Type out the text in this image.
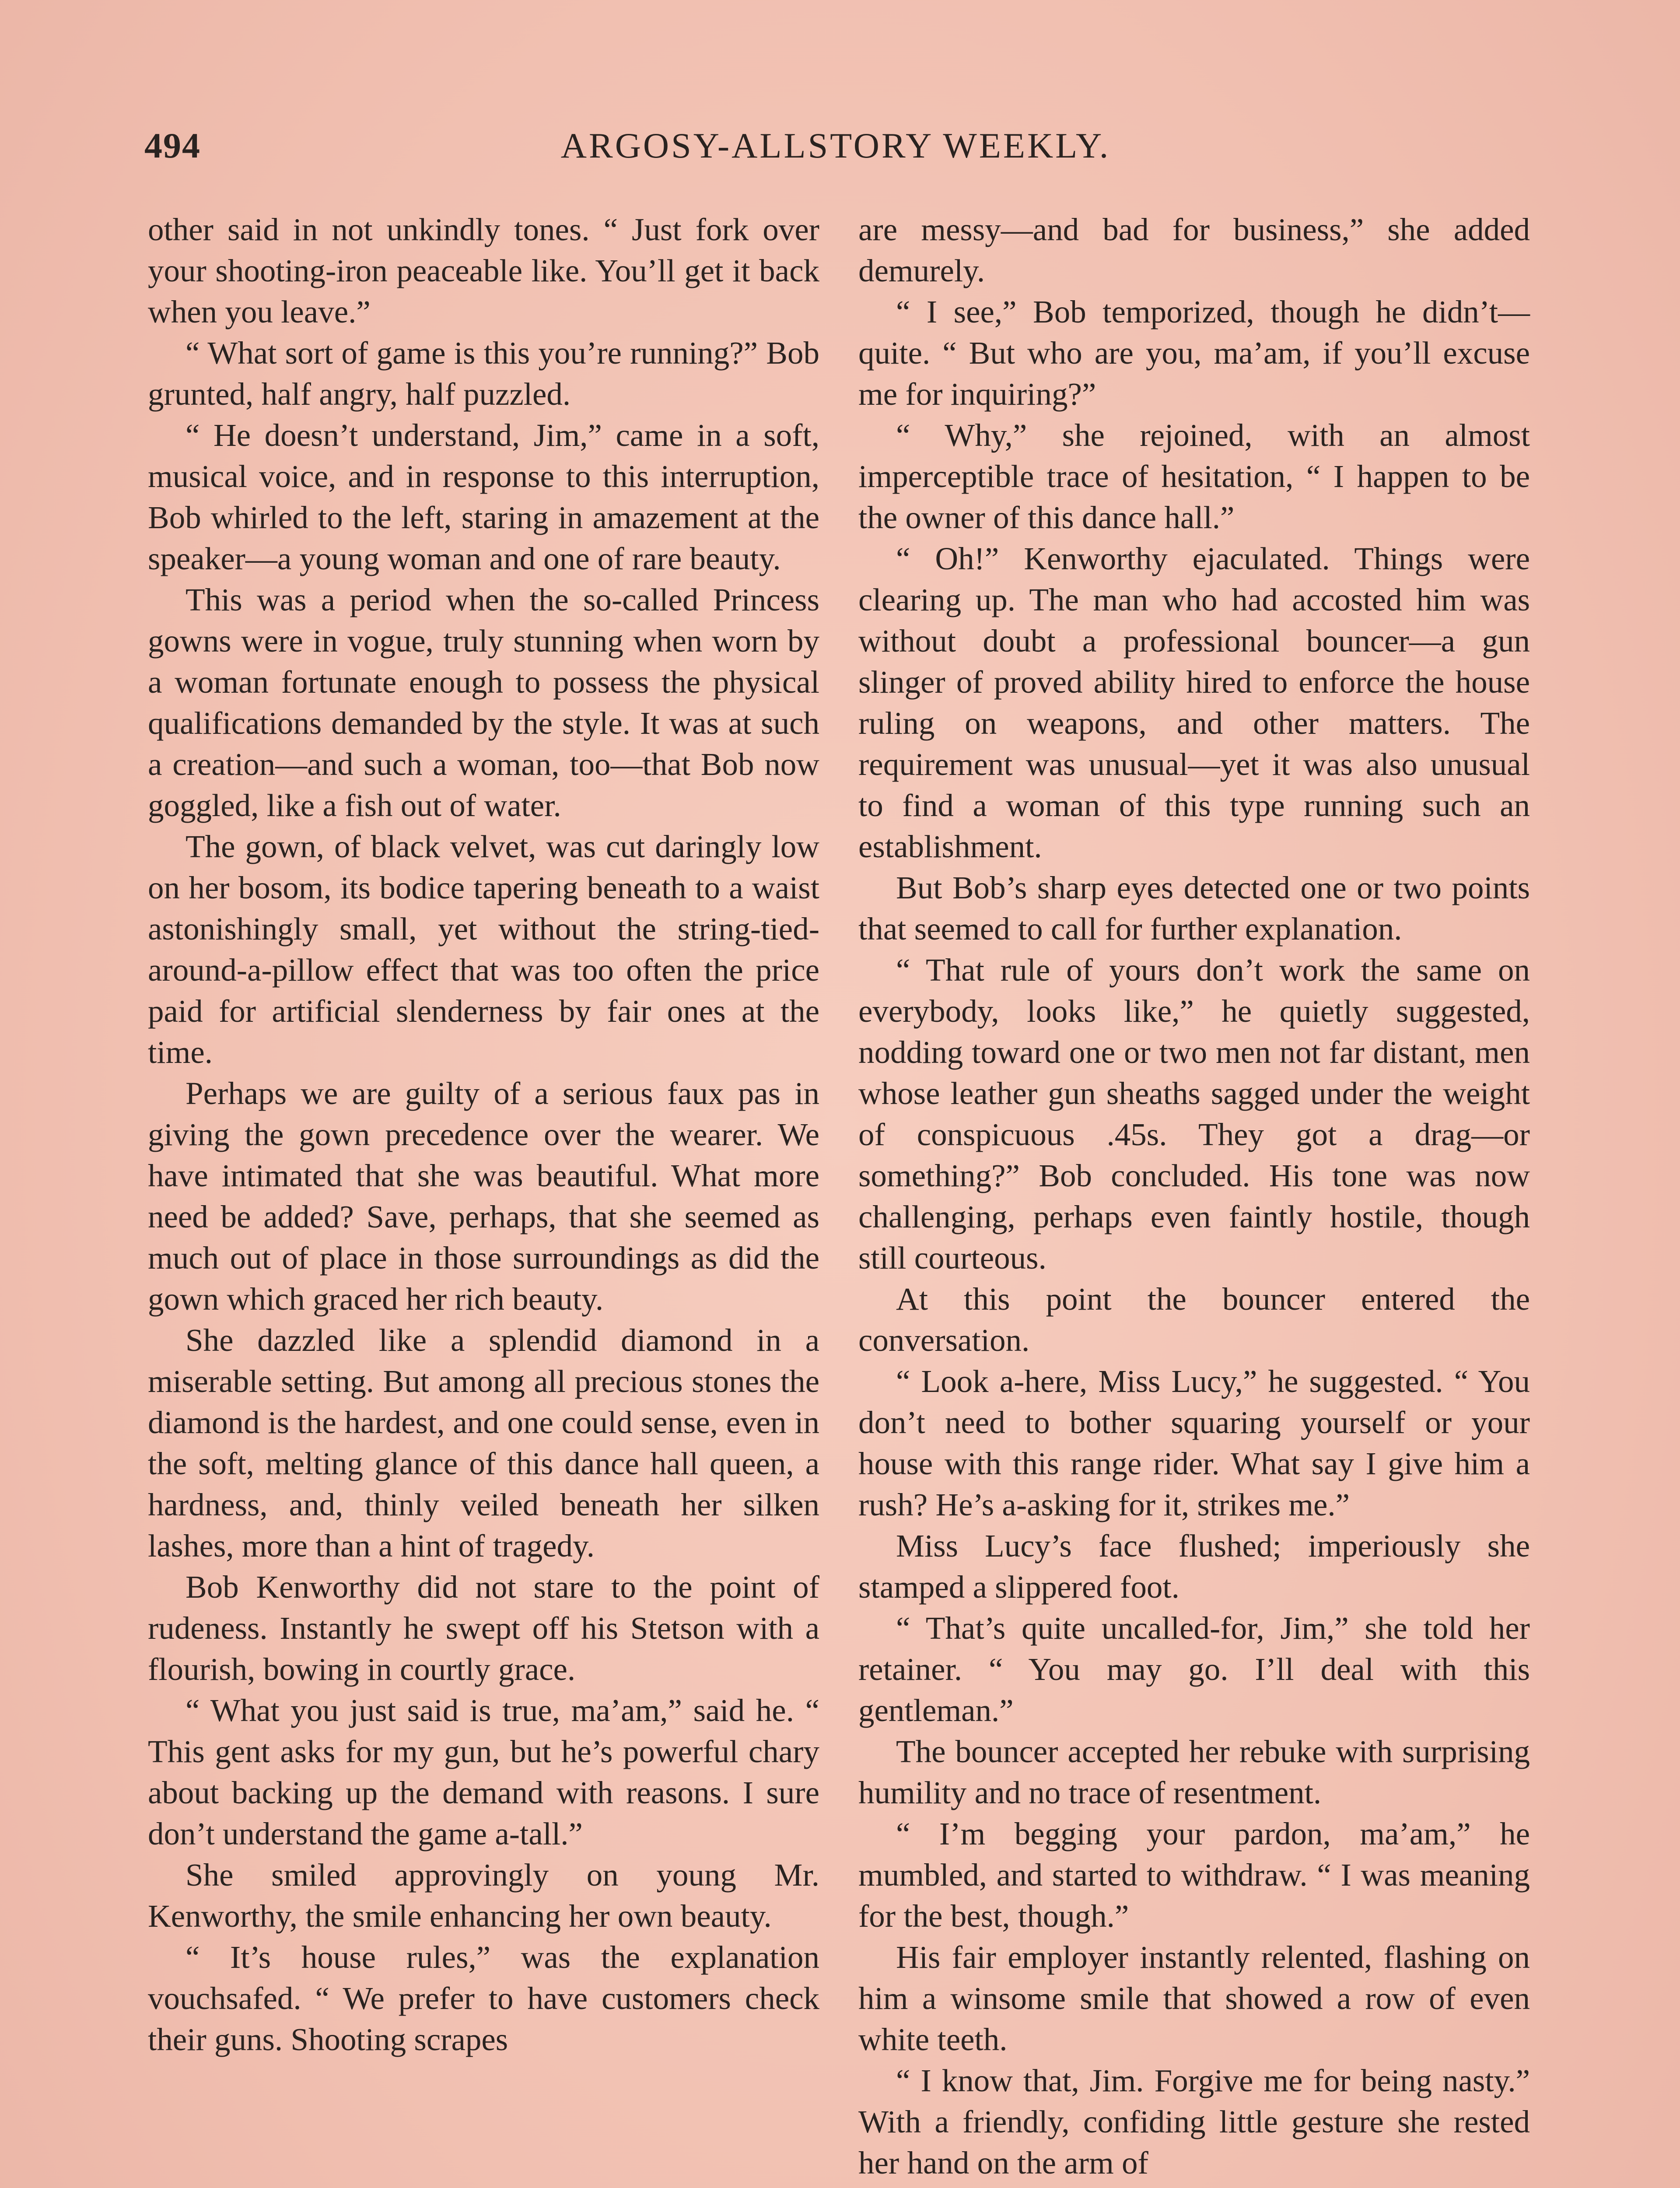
494	ARGOSY-ALLSTORY WEEKLY.

other said in not unkindly tones. “ Just fork over your shooting-iron peaceable like. You’ll get it back when you leave.”

“ What sort of game is this you’re running?” Bob grunted, half angry, half puzzled.

“ He doesn’t understand, Jim,” came in a soft, musical voice, and in response to this interruption, Bob whirled to the left, staring in amazement at the speaker—a young woman and one of rare beauty.

This was a period when the so-called Princess gowns were in vogue, truly stunning when worn by a woman fortunate enough to possess the physical qualifications demanded by the style. It was at such a creation—and such a woman, too—that Bob now goggled, like a fish out of water.

The gown, of black velvet, was cut daringly low on her bosom, its bodice tapering beneath to a waist astonishingly small, yet without the string-tied-around-a-pillow effect that was too often the price paid for artificial slenderness by fair ones at the time.

Perhaps we are guilty of a serious faux pas in giving the gown precedence over the wearer. We have intimated that she was beautiful. What more need be added? Save, perhaps, that she seemed as much out of place in those surroundings as did the gown which graced her rich beauty.

She dazzled like a splendid diamond in a miserable setting. But among all precious stones the diamond is the hardest, and one could sense, even in the soft, melting glance of this dance hall queen, a hardness, and, thinly veiled beneath her silken lashes, more than a hint of tragedy.

Bob Kenworthy did not stare to the point of rudeness. Instantly he swept off his Stetson with a flourish, bowing in courtly grace.

“ What you just said is true, ma’am,” said he. “ This gent asks for my gun, but he’s powerful chary about backing up the demand with reasons. I sure don’t understand the game a-tall.”

She smiled approvingly on young Mr. Kenworthy, the smile enhancing her own beauty.

“ It’s house rules,” was the explanation vouchsafed. “ We prefer to have customers check their guns. Shooting scrapes

are messy—and bad for business,” she added demurely.

“ I see,” Bob temporized, though he didn’t—quite. “ But who are you, ma’am, if you’ll excuse me for inquiring?”

“ Why,” she rejoined, with an almost imperceptible trace of hesitation, “ I happen to be the owner of this dance hall.”

“ Oh!” Kenworthy ejaculated. Things were clearing up. The man who had accosted him was without doubt a professional bouncer—a gun slinger of proved ability hired to enforce the house ruling on weapons, and other matters. The requirement was unusual—yet it was also unusual to find a woman of this type running such an establishment.

But Bob’s sharp eyes detected one or two points that seemed to call for further explanation.

“ That rule of yours don’t work the same on everybody, looks like,” he quietly suggested, nodding toward one or two men not far distant, men whose leather gun sheaths sagged under the weight of conspicuous .45s. They got a drag—or something?” Bob concluded. His tone was now challenging, perhaps even faintly hostile, though still courteous.

At this point the bouncer entered the conversation.

“ Look a-here, Miss Lucy,” he suggested. “ You don’t need to bother squaring yourself or your house with this range rider. What say I give him a rush? He’s a-asking for it, strikes me.”

Miss Lucy’s face flushed; imperiously she stamped a slippered foot.

“ That’s quite uncalled-for, Jim,” she told her retainer. “ You may go. I’ll deal with this gentleman.”

The bouncer accepted her rebuke with surprising humility and no trace of resentment.

“ I’m begging your pardon, ma’am,” he mumbled, and started to withdraw. “ I was meaning for the best, though.”

His fair employer instantly relented, flashing on him a winsome smile that showed a row of even white teeth.

“ I know that, Jim. Forgive me for being nasty.” With a friendly, confiding little gesture she rested her hand on the arm of
